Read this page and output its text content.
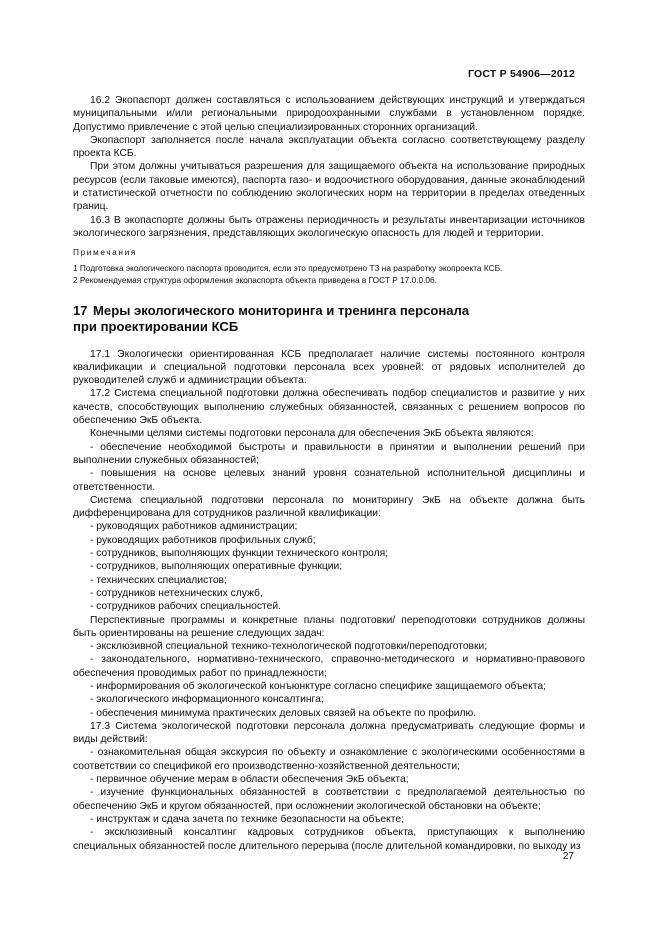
ГОСТ Р 54906—2012

16.2 Экопаспорт должен составляться с использованием действующих инструкций и утверждаться муниципальными и/или региональными природоохранными службами в установленном порядке. Допустимо привлечение с этой целью специализированных сторонних организаций.

Экопаспорт заполняется после начала эксплуатации объекта согласно соответствующему разделу проекта КСБ.

При этом должны учитываться разрешения для защищаемого объекта на использование природных ресурсов (если таковые имеются), паспорта газо- и водоочистного оборудования, данные эконаблюдений и статистической отчетности по соблюдению экологических норм на территории в пределах отведенных границ.

16.3 В экопаспорте должны быть отражены периодичность и результаты инвентаризации источников экологического загрязнения, представляющих экологическую опасность для людей и территории.

Примечания

1 Подготовка экологического паспорта проводится, если это предусмотрено ТЗ на разработку экопроекта КСБ.

2 Рекомендуемая структура оформления экопаспорта объекта приведена в ГОСТ Р 17.0.0.06.

17 Меры экологического мониторинга и тренинга персонала
при проектировании КСБ

17.1 Экологически ориентированная КСБ предполагает наличие системы постоянного контроля квалификации и специальной подготовки персонала всех уровней: от рядовых исполнителей до руководителей служб и администрации объекта.

17.2 Система специальной подготовки должна обеспечивать подбор специалистов и развитие у них качеств, способствующих выполнению служебных обязанностей, связанных с решением вопросов по обеспечению ЭкБ объекта.

Конечными целями системы подготовки персонала для обеспечения ЭкБ объекта являются:

- обеспечение необходимой быстроты и правильности в принятии и выполнении решений при выполнении служебных обязанностей;

- повышения на основе целевых знаний уровня сознательной исполнительной дисциплины и ответственности.

Система специальной подготовки персонала по мониторингу ЭкБ на объекте должна быть дифференцирована для сотрудников различной квалификации:

- руководящих работников администрации;

- руководящих работников профильных служб;

- сотрудников, выполняющих функции технического контроля;

- сотрудников, выполняющих оперативные функции;

- технических специалистов;

- сотрудников нетехнических служб,

- сотрудников рабочих специальностей.

Перспективные программы и конкретные планы подготовки/ переподготовки сотрудников должны быть ориентированы на решение следующих задач:

- эксклюзивной специальной технико-технологической подготовки/переподготовки;

- законодательного, нормативно-технического, справочно-методического и нормативно-правового обеспечения проводимых работ по принадлежности;

- информирования об экологической конъюнктуре согласно специфике защищаемого объекта;

- экологического информационного консалтинга;

- обеспечения минимума практических деловых связей на объекте по профилю.

17.3 Система экологической подготовки персонала должна предусматривать следующие формы и виды действий:

- ознакомительная общая экскурсия по объекту и ознакомление с экологическими особенностями в соответствии со спецификой его производственно-хозяйственной деятельности;

- первичное обучение мерам в области обеспечения ЭкБ объекта;

- изучение функциональных обязанностей в соответствии с предполагаемой деятельностью по обеспечению ЭкБ и кругом обязанностей, при осложнении экологической обстановки на объекте;

- инструктаж и сдача зачета по технике безопасности на объекте;

- эксклюзивный консалтинг кадровых сотрудников объекта, приступающих к выполнению специальных обязанностей после длительного перерыва (после длительной командировки, по выходу из

27
